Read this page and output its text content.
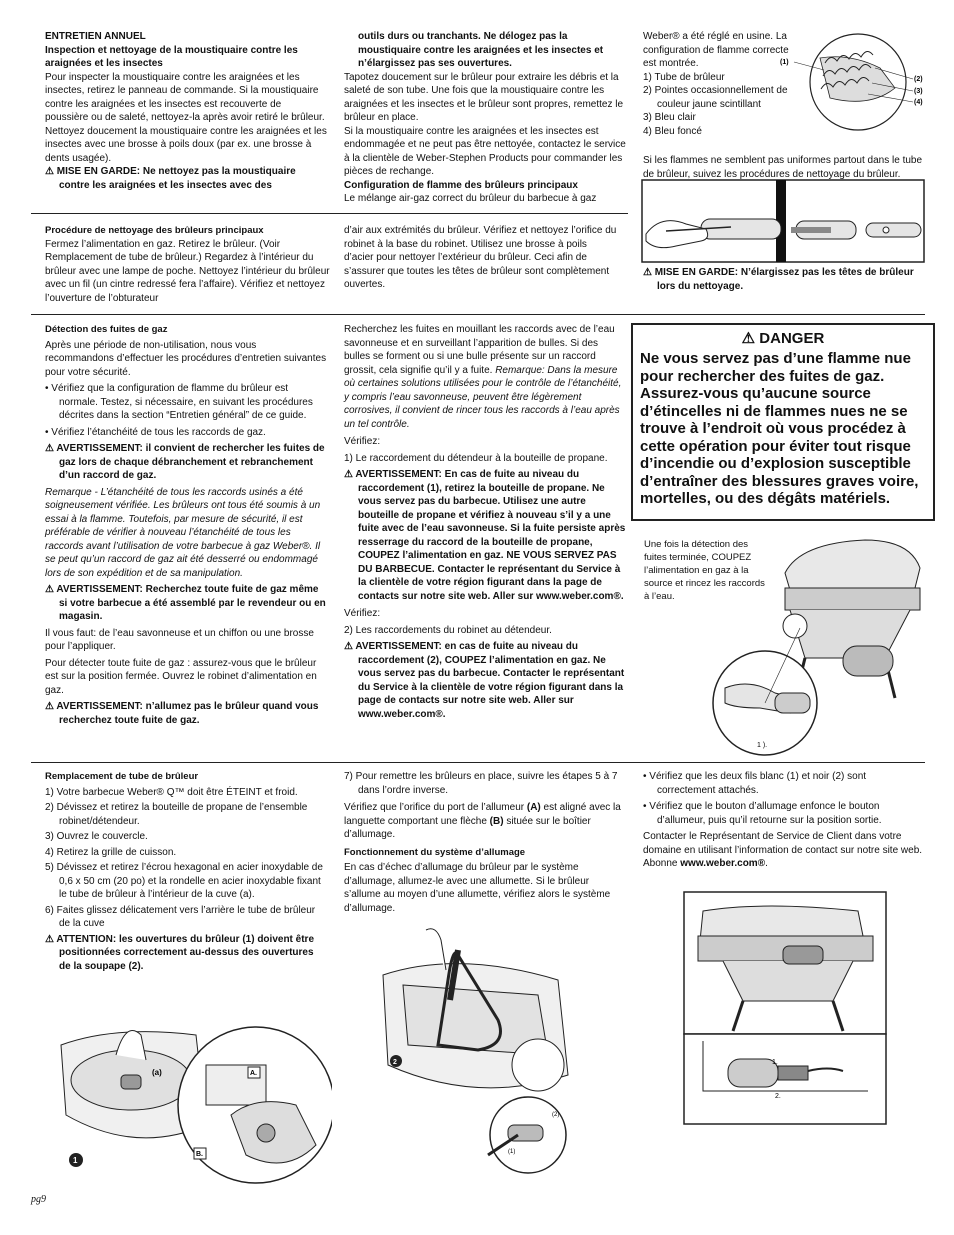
ENTRETIEN ANNUEL

Inspection et nettoyage de la moustiquaire contre les araignées et les insectes

Pour inspecter la moustiquaire contre les araignées et les insectes, retirez le panneau de commande. Si la moustiquaire contre les araignées et les insectes est recouverte de poussière ou de saleté, nettoyez-la après avoir retiré le brûleur.

Nettoyez doucement la moustiquaire contre les araignées et les insectes avec une brosse à poils doux (par ex. une brosse à dents usagée).

⚠ MISE EN GARDE: Ne nettoyez pas la moustiquaire contre les araignées et les insectes avec des

outils durs ou tranchants. Ne délogez pas la moustiquaire contre les araignées et les insectes et n’élargissez pas ses ouvertures.

Tapotez doucement sur le brûleur pour extraire les débris et la saleté de son tube. Une fois que la moustiquaire contre les araignées et les insectes et le brûleur sont propres, remettez le brûleur en place.

Si la moustiquaire contre les araignées et les insectes est endommagée et ne peut pas être nettoyée, contactez le service à la clientèle de Weber-Stephen Products pour commander les pièces de rechange.

Configuration de flamme des brûleurs principaux

Le mélange air-gaz correct du brûleur du barbecue à gaz

Weber® a été réglé en usine. La configuration de flamme correcte est montrée.

1) Tube de brûleur

2) Pointes occasionnellement de couleur jaune scintillant

3) Bleu clair

4) Bleu foncé

Si les flammes ne semblent pas uniformes partout dans le tube de brûleur, suivez les procédures de nettoyage du brûleur.

(1)
(2)
(3)
(4)

Procédure de nettoyage des brûleurs principaux

Fermez l’alimentation en gaz. Retirez le brûleur. (Voir Remplacement de tube de brûleur.) Regardez à l’intérieur du brûleur avec une lampe de poche. Nettoyez l’intérieur du brûleur avec un fil (un cintre redressé fera l’affaire). Vérifiez et nettoyez l’ouverture de l’obturateur

d’air aux extrémités du brûleur. Vérifiez et nettoyez l’orifice du robinet à la base du robinet. Utilisez une brosse à poils d’acier pour nettoyer l’extérieur du brûleur. Ceci afin de s’assurer que toutes les têtes de brûleur sont complètement ouvertes.

⚠ MISE EN GARDE: N’élargissez pas les têtes de brûleur lors du nettoyage.

Détection des fuites de gaz

Après une période de non-utilisation, nous vous recommandons d’effectuer les procédures d’entretien suivantes pour votre sécurité.

• Vérifiez que la configuration de flamme du brûleur est normale. Testez, si nécessaire, en suivant les procédures décrites dans la section “Entretien général” de ce guide.

• Vérifiez l’étanchéité de tous les raccords de gaz.

⚠ AVERTISSEMENT: il convient de rechercher les fuites de gaz lors de chaque débranchement et rebranchement d’un raccord de gaz.

Remarque - L’étanchéité de tous les raccords usinés a été soigneusement vérifiée. Les brûleurs ont tous été soumis à un essai à la flamme. Toutefois, par mesure de sécurité, il est préférable de vérifier à nouveau l’étanchéité de tous les raccords avant l’utilisation de votre barbecue à gaz Weber®. Il se peut qu’un raccord de gaz ait été desserré ou endommagé lors de son expédition et de sa manipulation.

⚠ AVERTISSEMENT: Recherchez toute fuite de gaz même si votre barbecue a été assemblé par le revendeur ou en magasin.

Il vous faut: de l’eau savonneuse et un chiffon ou une brosse pour l’appliquer.

Pour détecter toute fuite de gaz : assurez-vous que le brûleur est sur la position fermée. Ouvrez le robinet d’alimentation en gaz.

⚠ AVERTISSEMENT: n’allumez pas le brûleur quand vous recherchez toute fuite de gaz.

Recherchez les fuites en mouillant les raccords avec de l’eau savonneuse et en surveillant l’apparition de bulles. Si des bulles se forment ou si une bulle présente sur un raccord grossit, cela signifie qu’il y a fuite. Remarque: Dans la mesure où certaines solutions utilisées pour le contrôle de l’étanchéité, y compris l’eau savonneuse, peuvent être légèrement corrosives, il convient de rincer tous les raccords à l’eau après un tel contrôle.

Vérifiez:

1) Le raccordement du détendeur à la bouteille de propane.

⚠ AVERTISSEMENT: En cas de fuite au niveau du raccordement (1), retirez la bouteille de propane. Ne vous servez pas du barbecue. Utilisez une autre bouteille de propane et vérifiez à nouveau s’il y a une fuite avec de l’eau savonneuse. Si la fuite persiste après resserrage du raccord de la bouteille de propane, COUPEZ l’alimentation en gaz. NE VOUS SERVEZ PAS DU BARBECUE. Contacter le représentant du Service à la clientèle de votre région figurant dans la page de contacts sur notre site web. Aller sur www.weber.com®.

Vérifiez:

2) Les raccordements du robinet au détendeur.

⚠ AVERTISSEMENT: en cas de fuite au niveau du raccordement (2), COUPEZ l’alimentation en gaz. Ne vous servez pas du barbecue. Contacter le représentant du Service à la clientèle de votre région figurant dans la page de contacts sur notre site web. Aller sur www.weber.com®.

⚠ DANGER
Ne vous servez pas d’une flamme nue pour rechercher des fuites de gaz. Assurez-vous qu’aucune source d’étincelles ni de flammes nues ne se trouve à l’endroit où vous procédez à cette opération pour éviter tout risque d’incendie ou d’explosion susceptible d’entraîner des blessures graves voire, mortelles, ou des dégâts matériels.

Une fois la détection des fuites terminée, COUPEZ l’alimentation en gaz à la source et rincez les raccords à l’eau.

1 ).

Remplacement de tube de brûleur

1) Votre barbecue Weber® Q™ doit être ÉTEINT et froid.

2) Dévissez et retirez la bouteille de propane de l’ensemble robinet/détendeur.

3) Ouvrez le couvercle.

4) Retirez la grille de cuisson.

5) Dévissez et retirez l’écrou hexagonal en acier inoxydable de 0,6 x 50 cm (20 po) et la rondelle en acier inoxydable fixant le tube de brûleur à l’intérieur de la cuve (a).

6) Faites glissez délicatement vers l’arrière le tube de brûleur de la cuve

⚠ ATTENTION: les ouvertures du brûleur (1) doivent être positionnées correctement au-dessus des ouvertures de la soupape (2).

1
(a)	A.
B.

7) Pour remettre les brûleurs en place, suivre les étapes 5 à 7 dans l’ordre inverse.

Vérifiez que l’orifice du port de l’allumeur (A) est aligné avec la languette comportant une flèche (B) située sur le boîtier d’allumage.

Fonctionnement du système d’allumage

En cas d’échec d’allumage du brûleur par le système d’allumage, allumez-le avec une allumette. Si le brûleur s’allume au moyen d’une allumette, vérifiez alors le système d’allumage.

2
(2)
(1)

• Vérifiez que les deux fils blanc (1) et noir (2) sont correctement attachés.

• Vérifiez que le bouton d’allumage enfonce le bouton d’allumeur, puis qu’il retourne sur la position sortie.

Contacter le Représentant de Service de Client dans votre domaine en utilisant l’information de contact sur notre site web. Abonne www.weber.com®.

1.
2.
pg9
